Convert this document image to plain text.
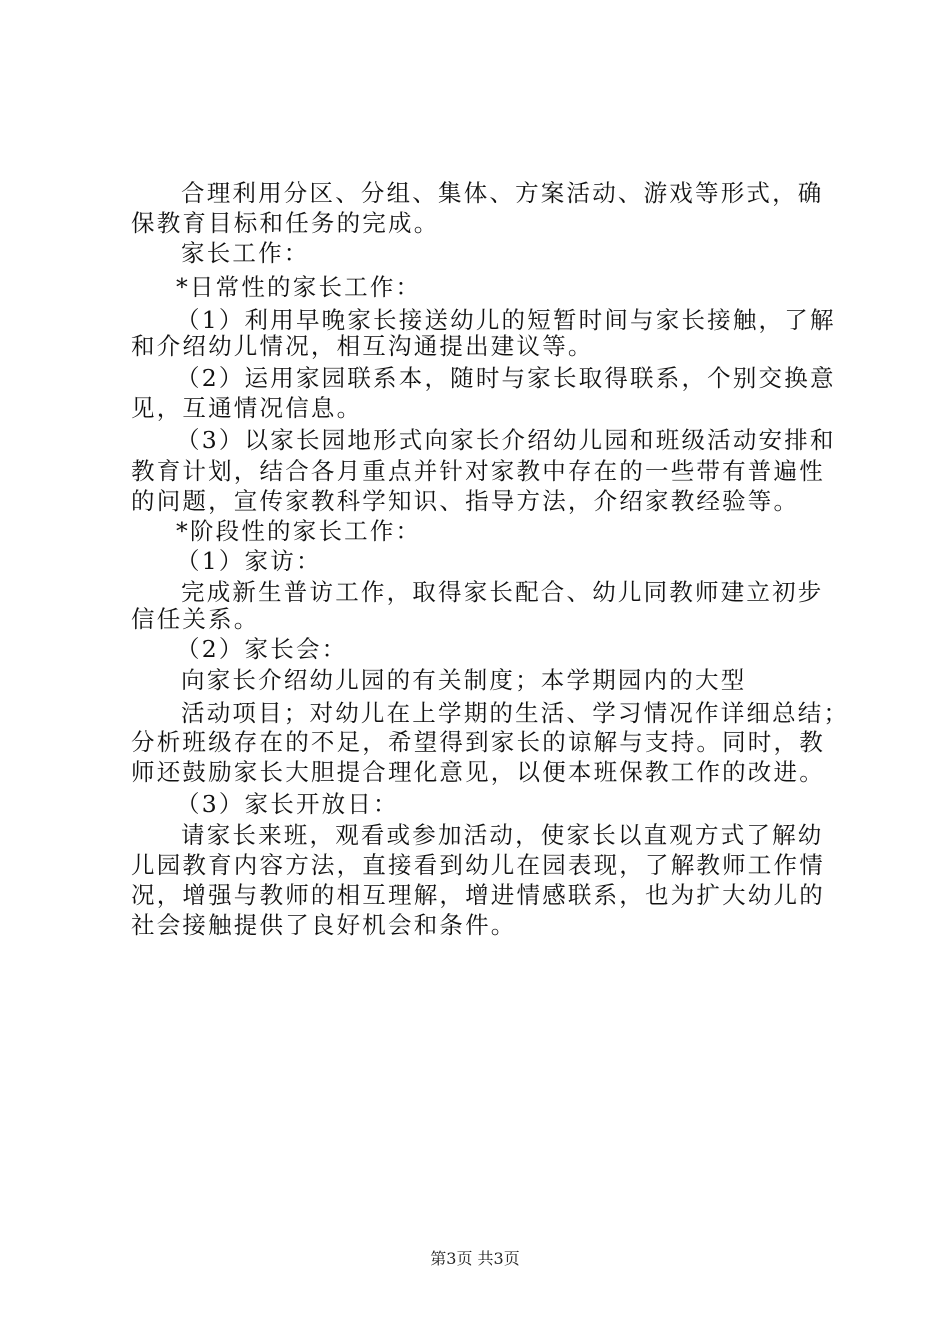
合理利用分区、分组、集体、方案活动、游戏等形式，确
保教育目标和任务的完成。
家长工作：
*日常性的家长工作：
（1）利用早晚家长接送幼儿的短暂时间与家长接触，了解
和介绍幼儿情况，相互沟通提出建议等。
（2）运用家园联系本，随时与家长取得联系，个别交换意
见，互通情况信息。
（3）以家长园地形式向家长介绍幼儿园和班级活动安排和
教育计划，结合各月重点并针对家教中存在的一些带有普遍性
的问题，宣传家教科学知识、指导方法，介绍家教经验等。
*阶段性的家长工作：
（1）家访：
完成新生普访工作，取得家长配合、幼儿同教师建立初步
信任关系。
（2）家长会：
向家长介绍幼儿园的有关制度；本学期园内的大型
活动项目；对幼儿在上学期的生活、学习情况作详细总结；
分析班级存在的不足，希望得到家长的谅解与支持。同时，教
师还鼓励家长大胆提合理化意见，以便本班保教工作的改进。
（3）家长开放日：
请家长来班，观看或参加活动，使家长以直观方式了解幼
儿园教育内容方法，直接看到幼儿在园表现，了解教师工作情
况，增强与教师的相互理解，增进情感联系，也为扩大幼儿的
社会接触提供了良好机会和条件。
第3页 共3页
